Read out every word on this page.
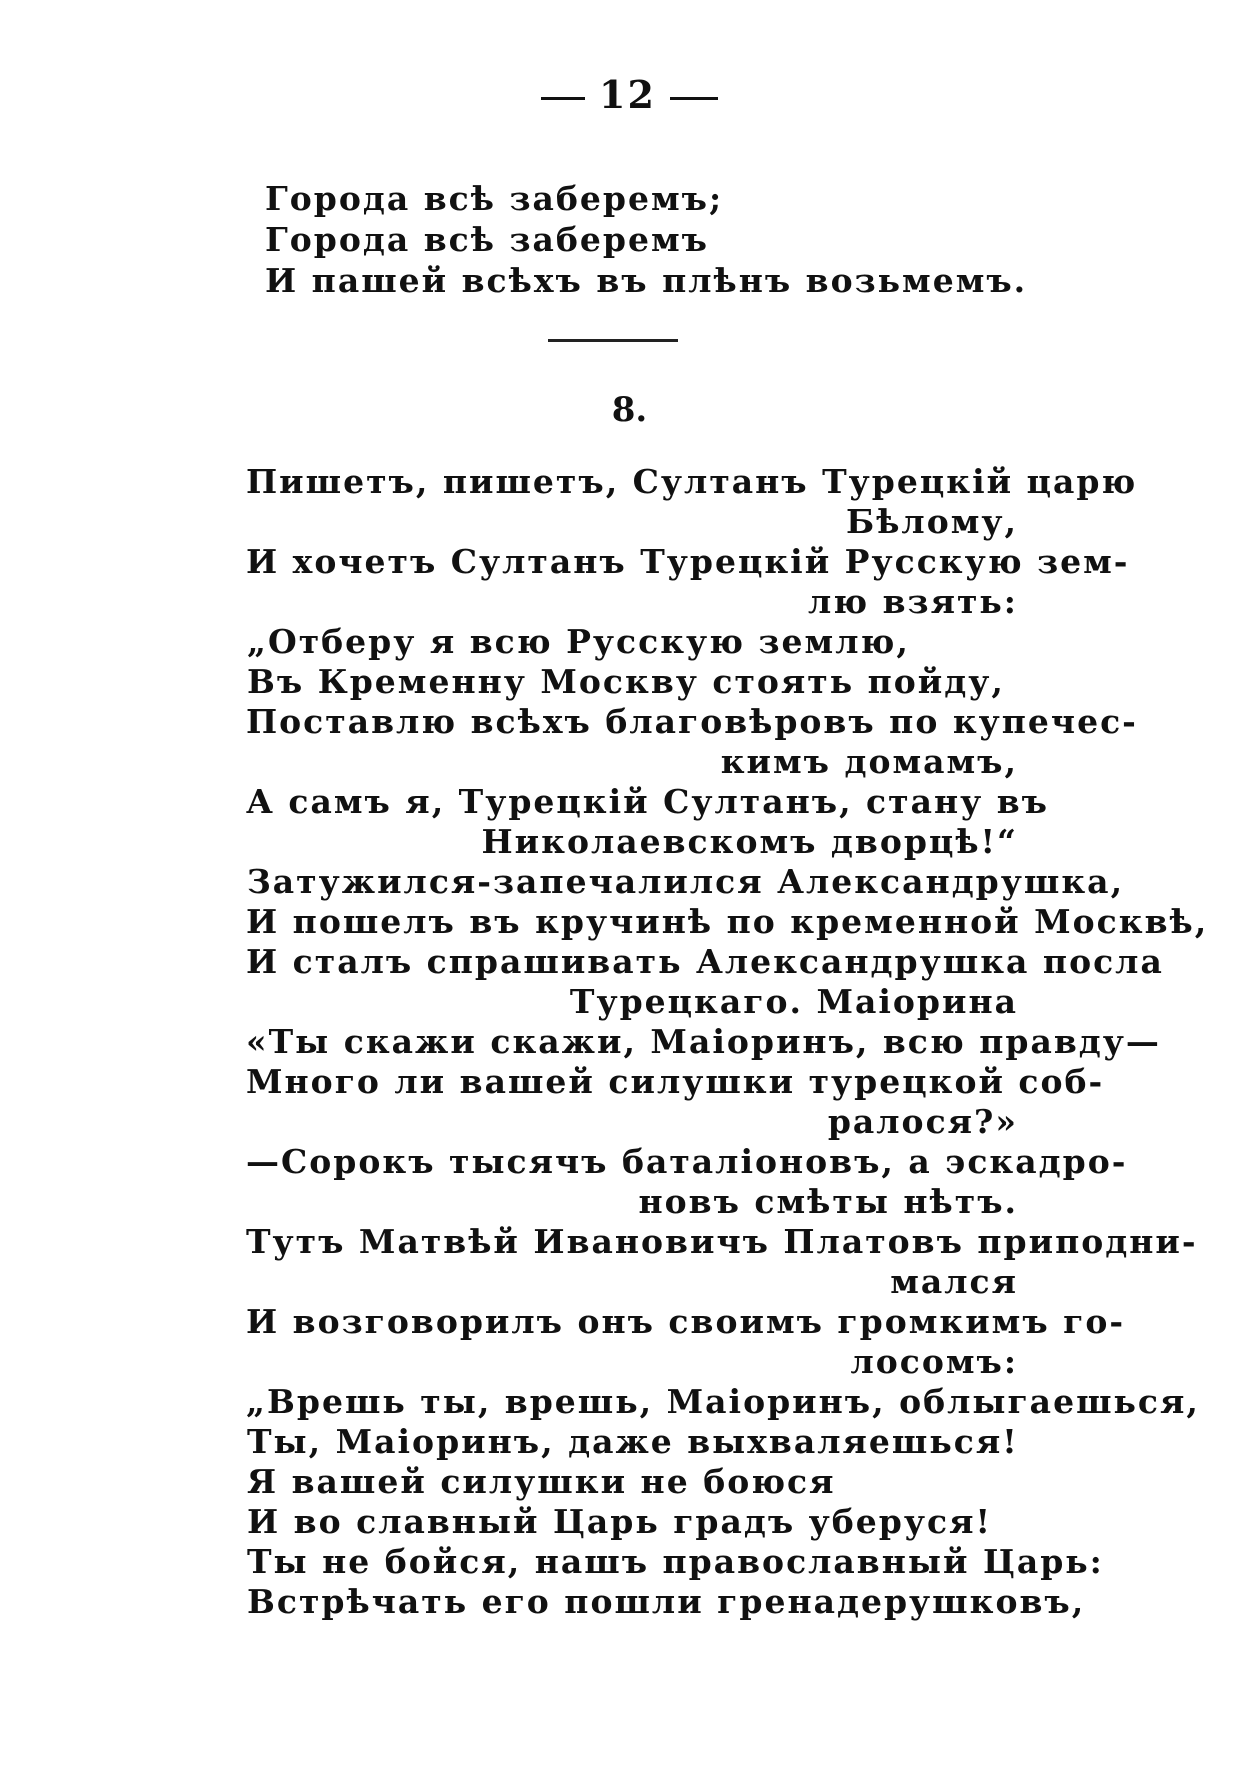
12
Города всѣ заберемъ;
Города всѣ заберемъ
И пашей всѣхъ въ плѣнъ возьмемъ.
8.
Пишетъ, пишетъ, Султанъ Турецкій царю
Бѣлому,
И хочетъ Султанъ Турецкій Русскую зем-
лю взять:
„Отберу я всю Русскую землю,
Въ Кременну Москву стоять пойду,
Поставлю всѣхъ благовѣровъ по купечес-
кимъ домамъ,
А самъ я, Турецкій Султанъ, стану въ
Николаевскомъ дворцѣ!“
Затужился-запечалился Александрушка,
И пошелъ въ кручинѣ по кременной Москвѣ,
И сталъ спрашивать Александрушка посла
Турецкаго. Маіорина
«Ты скажи скажи, Маіоринъ, всю правду—
Много ли вашей силушки турецкой соб-
ралося?»
—Сорокъ тысячъ баталіоновъ, а эскадро-
новъ смѣты нѣтъ.
Тутъ Матвѣй Ивановичъ Платовъ приподни-
мался
И возговорилъ онъ своимъ громкимъ го-
лосомъ:
„Врешь ты, врешь, Маіоринъ, облыгаешься,
Ты, Маіоринъ, даже выхваляешься!
Я вашей силушки не боюся
И во славный Царь градъ уберуся!
Ты не бойся, нашъ православный Царь:
Встрѣчать его пошли гренадерушковъ,
